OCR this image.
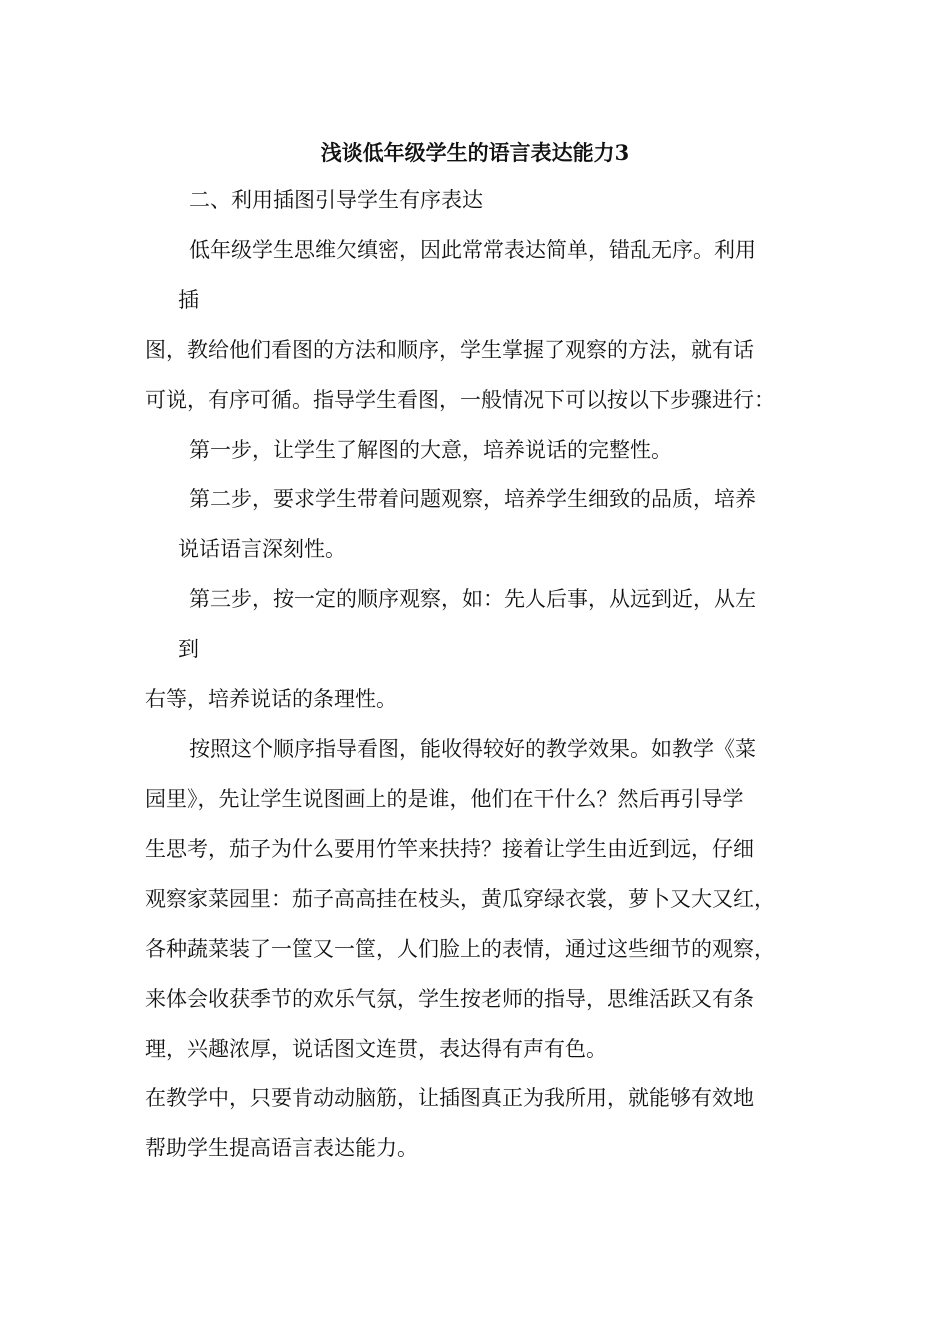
浅谈低年级学生的语言表达能力3
二、利用插图引导学生有序表达
低年级学生思维欠缜密，因此常常表达简单，错乱无序。利用
插
图，教给他们看图的方法和顺序，学生掌握了观察的方法，就有话
可说，有序可循。指导学生看图，一般情况下可以按以下步骤进行：
第一步，让学生了解图的大意，培养说话的完整性。
第二步，要求学生带着问题观察，培养学生细致的品质，培养
说话语言深刻性。
第三步，按一定的顺序观察，如：先人后事，从远到近，从左
到
右等，培养说话的条理性。
按照这个顺序指导看图，能收得较好的教学效果。如教学《菜
园里》，先让学生说图画上的是谁，他们在干什么？然后再引导学
生思考，茄子为什么要用竹竿来扶持？接着让学生由近到远，仔细
观察家菜园里：茄子高高挂在枝头，黄瓜穿绿衣裳，萝卜又大又红，
各种蔬菜装了一筐又一筐，人们脸上的表情，通过这些细节的观察，
来体会收获季节的欢乐气氛，学生按老师的指导，思维活跃又有条
理，兴趣浓厚，说话图文连贯，表达得有声有色。
在教学中，只要肯动动脑筋，让插图真正为我所用，就能够有效地
帮助学生提高语言表达能力。
